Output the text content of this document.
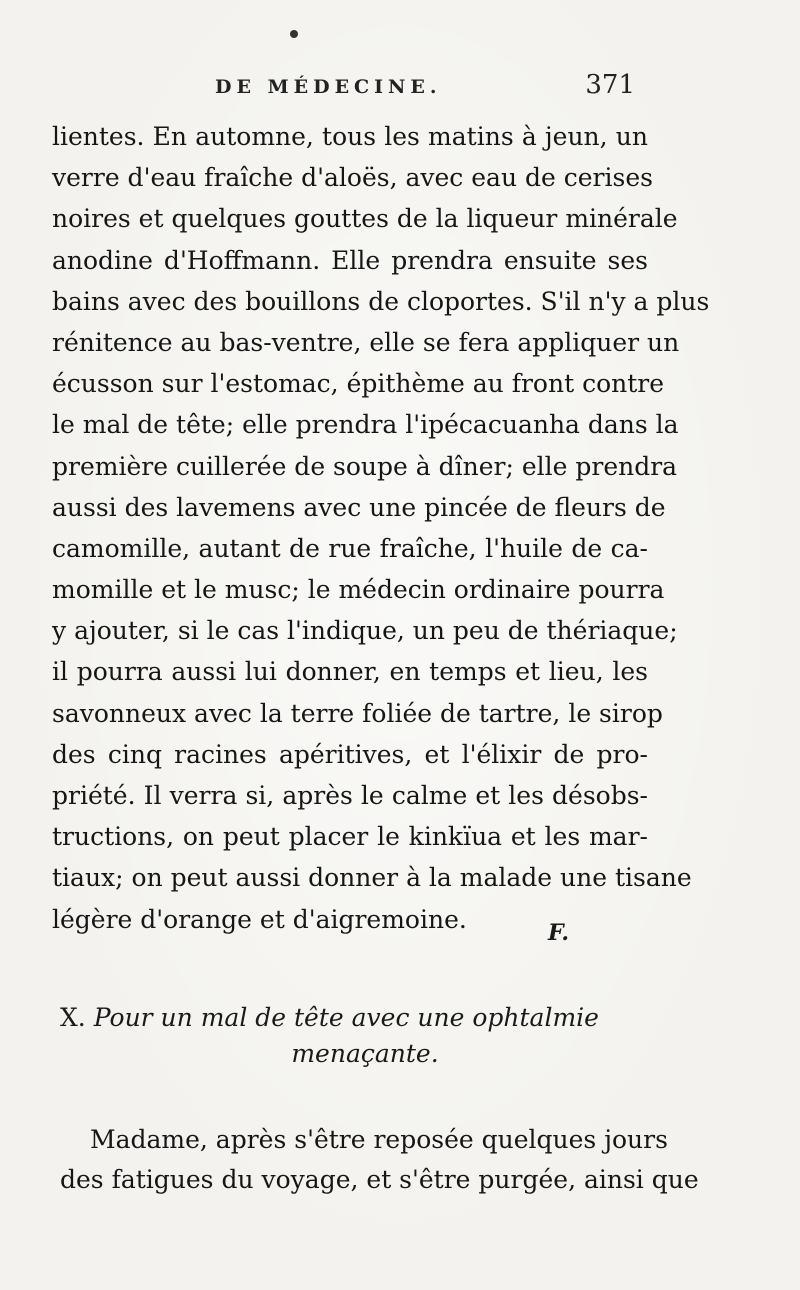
DE MÉDECINE.	371
lientes. En automne, tous les matins à jeun, un
verre d'eau fraîche d'aloës, avec eau de cerises
noires et quelques gouttes de la liqueur minérale
anodine d'Hoffmann. Elle prendra ensuite ses
bains avec des bouillons de cloportes. S'il n'y a plus
rénitence au bas-ventre, elle se fera appliquer un
écusson sur l'estomac, épithème au front contre
le mal de tête; elle prendra l'ipécacuanha dans la
première cuillerée de soupe à dîner; elle prendra
aussi des lavemens avec une pincée de fleurs de
camomille, autant de rue fraîche, l'huile de ca-
momille et le musc; le médecin ordinaire pourra
y ajouter, si le cas l'indique, un peu de thériaque;
il pourra aussi lui donner, en temps et lieu, les
savonneux avec la terre foliée de tartre, le sirop
des cinq racines apéritives, et l'élixir de pro-
priété. Il verra si, après le calme et les désobs-
tructions, on peut placer le kinkïua et les mar-
tiaux; on peut aussi donner à la malade une tisane
légère d'orange et d'aigremoine.	F.
X. Pour un mal de tête avec une ophtalmie
menaçante.
Madame, après s'être reposée quelques jours
des fatigues du voyage, et s'être purgée, ainsi que
